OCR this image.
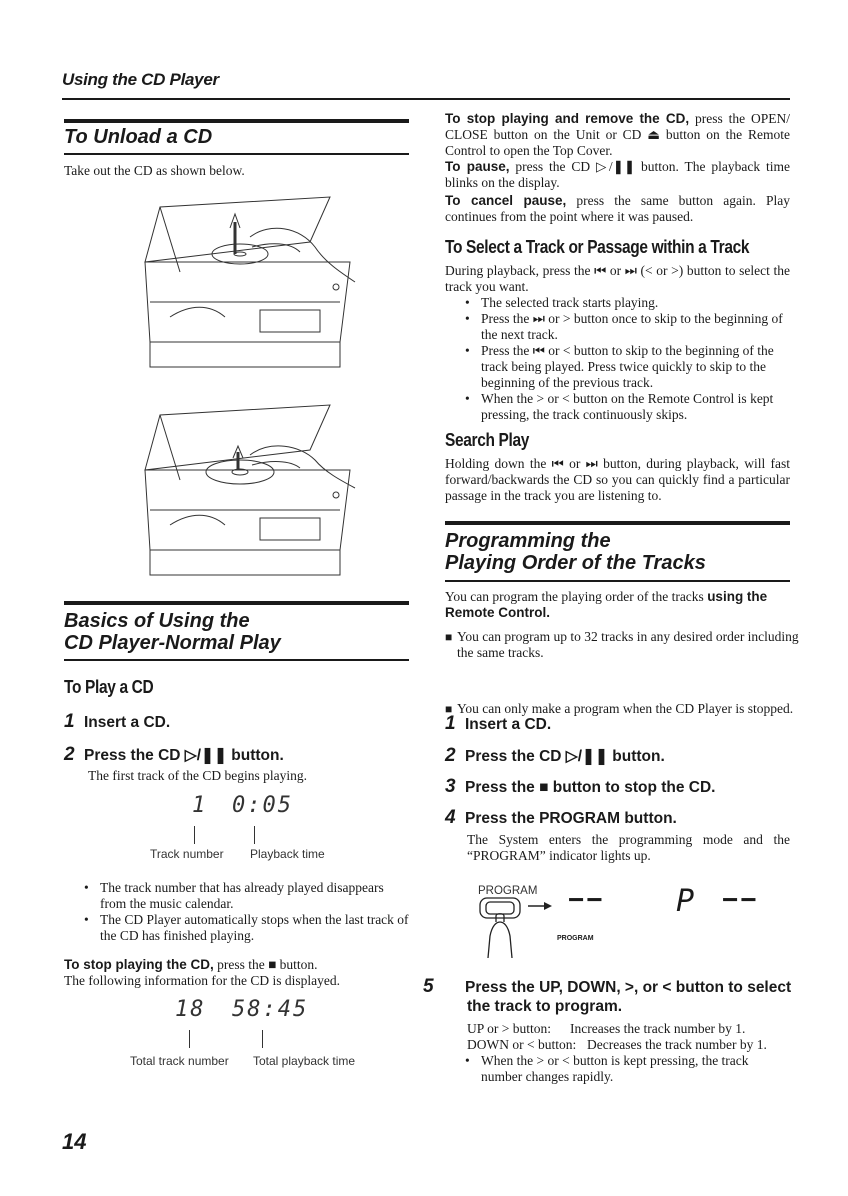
Using the CD Player
To Unload a CD
Take out the CD as shown below.
Basics of Using the
CD Player-Normal Play
To Play a CD
1 Insert a CD.
2 Press the CD ▷/❚❚ button.
The first track of the CD begins playing.
1 0:05
Track number Playback time
• The track number that has already played disappears from the music calendar.
• The CD Player automatically stops when the last track of the CD has finished playing.
To stop playing the CD, press the ■ button.
The following information for the CD is displayed.
18 58:45
Total track number Total playback time
To stop playing and remove the CD, press the OPEN/ CLOSE button on the Unit or CD ⏏ button on the Remote Control to open the Top Cover.
To pause, press the CD ▷/❚❚ button. The playback time blinks on the display.
To cancel pause, press the same button again. Play continues from the point where it was paused.
To Select a Track or Passage within a Track
During playback, press the ⏮ or ⏭ (< or >) button to select the track you want.
• The selected track starts playing.
• Press the ⏭ or > button once to skip to the beginning of the next track.
• Press the ⏮ or < button to skip to the beginning of the track being played. Press twice quickly to skip to the beginning of the previous track.
• When the > or < button on the Remote Control is kept pressing, the track continuously skips.
Search Play
Holding down the ⏮ or ⏭ button, during playback, will fast forward/backwards the CD so you can quickly find a particular passage in the track you are listening to.
Programming the
Playing Order of the Tracks
You can program the playing order of the tracks using the Remote Control.
■ You can program up to 32 tracks in any desired order including the same tracks.
■ You can only make a program when the CD Player is stopped.
1 Insert a CD.
2 Press the CD ▷/❚❚ button.
3 Press the ■ button to stop the CD.
4 Press the PROGRAM button.
The System enters the programming mode and the “PROGRAM” indicator lights up.
PROGRAM −−
PROGRAM
P −−
5 Press the UP, DOWN, >, or < button to select the track to program.
UP or > button: Increases the track number by 1.
DOWN or < button: Decreases the track number by 1.
• When the > or < button is kept pressing, the track number changes rapidly.
14
